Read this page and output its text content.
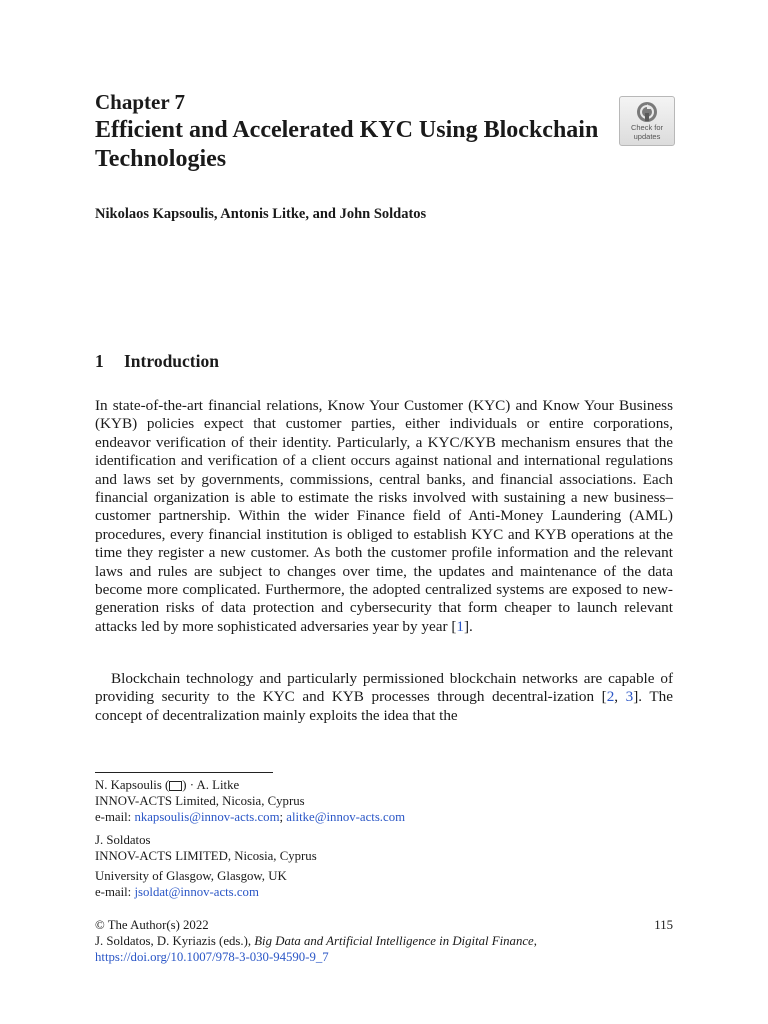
Chapter 7
Efficient and Accelerated KYC Using Blockchain Technologies
Check for
updates
Nikolaos Kapsoulis, Antonis Litke, and John Soldatos
1 Introduction
In state-of-the-art financial relations, Know Your Customer (KYC) and Know Your Business (KYB) policies expect that customer parties, either individuals or entire corporations, endeavor verification of their identity. Particularly, a KYC/KYB mechanism ensures that the identification and verification of a client occurs against national and international regulations and laws set by governments, commissions, central banks, and financial associations. Each financial organization is able to estimate the risks involved with sustaining a new business–customer partnership. Within the wider Finance field of Anti-Money Laundering (AML) procedures, every financial institution is obliged to establish KYC and KYB operations at the time they register a new customer. As both the customer profile information and the relevant laws and rules are subject to changes over time, the updates and maintenance of the data become more complicated. Furthermore, the adopted centralized systems are exposed to new-generation risks of data protection and cybersecurity that form cheaper to launch relevant attacks led by more sophisticated adversaries year by year [1].
Blockchain technology and particularly permissioned blockchain networks are capable of providing security to the KYC and KYB processes through decentral-ization [2, 3]. The concept of decentralization mainly exploits the idea that the
N. Kapsoulis ( ) · A. Litke
INNOV-ACTS Limited, Nicosia, Cyprus
e-mail: nkapsoulis@innov-acts.com; alitke@innov-acts.com
J. Soldatos
INNOV-ACTS LIMITED, Nicosia, Cyprus
University of Glasgow, Glasgow, UK
e-mail: jsoldat@innov-acts.com
© The Author(s) 2022	115
J. Soldatos, D. Kyriazis (eds.), Big Data and Artificial Intelligence in Digital Finance,
https://doi.org/10.1007/978-3-030-94590-9_7
